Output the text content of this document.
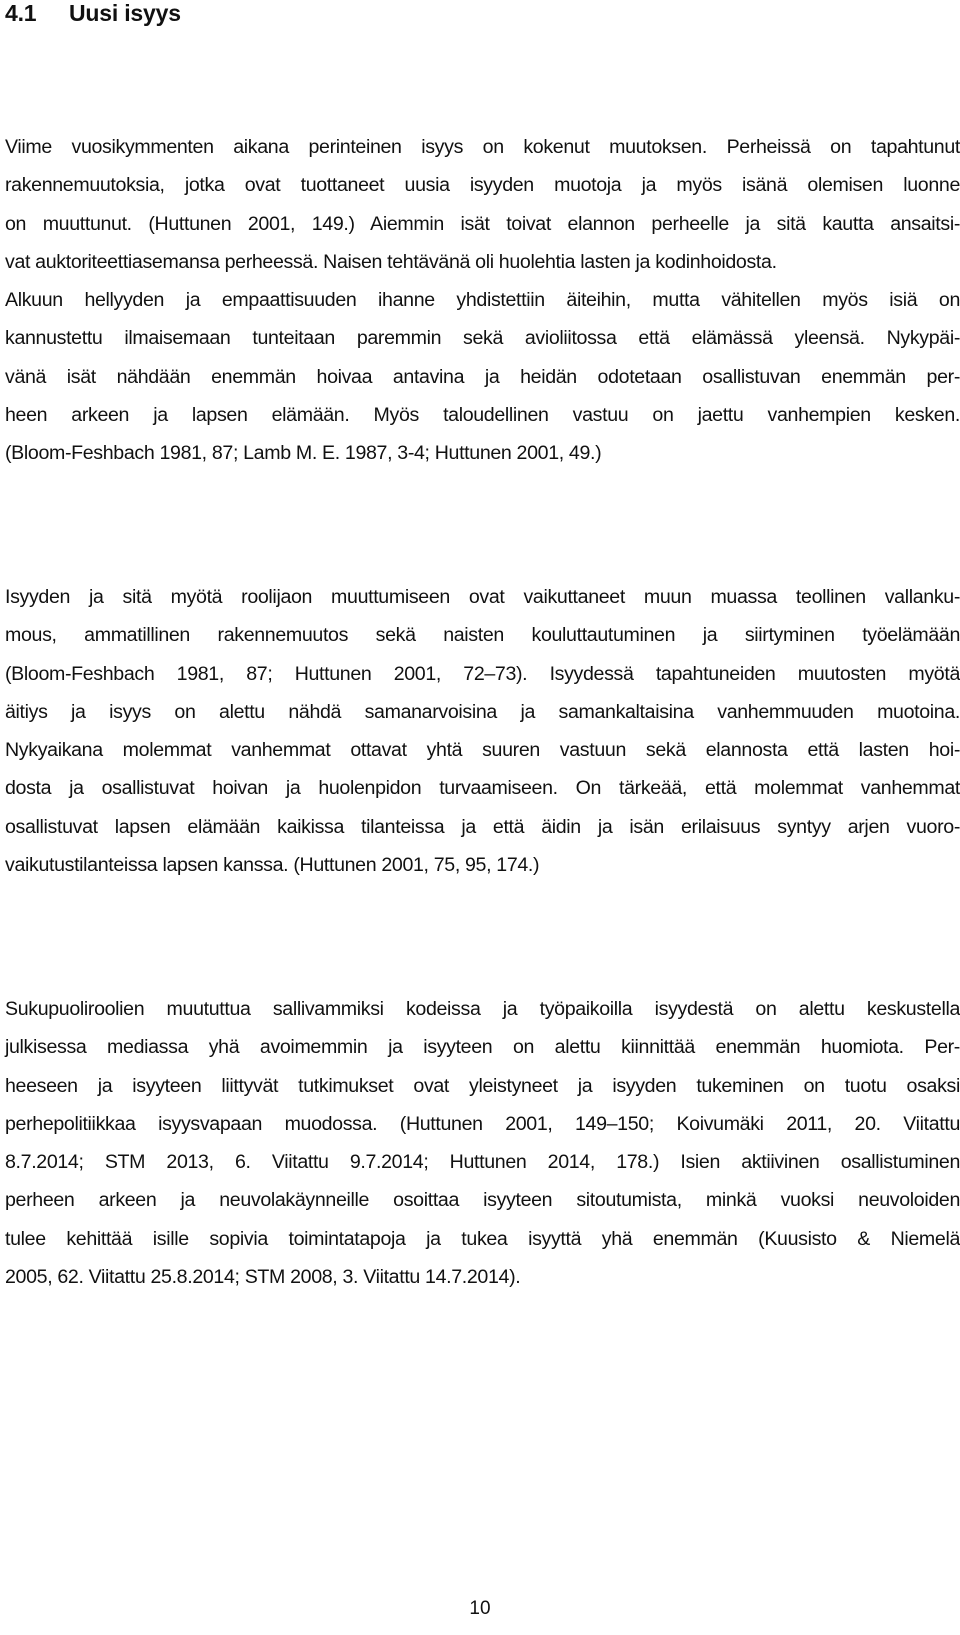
4.1 Uusi isyys
Viime vuosikymmenten aikana perinteinen isyys on kokenut muutoksen. Perheissä on tapahtunut
rakennemuutoksia, jotka ovat tuottaneet uusia isyyden muotoja ja myös isänä olemisen luonne
on muuttunut. (Huttunen 2001, 149.) Aiemmin isät toivat elannon perheelle ja sitä kautta ansaitsi-
vat auktoriteettiasemansa perheessä. Naisen tehtävänä oli huolehtia lasten ja kodinhoidosta.
Alkuun hellyyden ja empaattisuuden ihanne yhdistettiin äiteihin, mutta vähitellen myös isiä on
kannustettu ilmaisemaan tunteitaan paremmin sekä avioliitossa että elämässä yleensä. Nykypäi-
vänä isät nähdään enemmän hoivaa antavina ja heidän odotetaan osallistuvan enemmän per-
heen arkeen ja lapsen elämään. Myös taloudellinen vastuu on jaettu vanhempien kesken.
(Bloom-Feshbach 1981, 87; Lamb M. E. 1987, 3-4; Huttunen 2001, 49.)
Isyyden ja sitä myötä roolijaon muuttumiseen ovat vaikuttaneet muun muassa teollinen vallanku-
mous, ammatillinen rakennemuutos sekä naisten kouluttautuminen ja siirtyminen työelämään
(Bloom-Feshbach 1981, 87; Huttunen 2001, 72–73). Isyydessä tapahtuneiden muutosten myötä
äitiys ja isyys on alettu nähdä samanarvoisina ja samankaltaisina vanhemmuuden muotoina.
Nykyaikana molemmat vanhemmat ottavat yhtä suuren vastuun sekä elannosta että lasten hoi-
dosta ja osallistuvat hoivan ja huolenpidon turvaamiseen. On tärkeää, että molemmat vanhemmat
osallistuvat lapsen elämään kaikissa tilanteissa ja että äidin ja isän erilaisuus syntyy arjen vuoro-
vaikutustilanteissa lapsen kanssa. (Huttunen 2001, 75, 95, 174.)
Sukupuoliroolien muututtua sallivammiksi kodeissa ja työpaikoilla isyydestä on alettu keskustella
julkisessa mediassa yhä avoimemmin ja isyyteen on alettu kiinnittää enemmän huomiota. Per-
heeseen ja isyyteen liittyvät tutkimukset ovat yleistyneet ja isyyden tukeminen on tuotu osaksi
perhepolitiikkaa isyysvapaan muodossa. (Huttunen 2001, 149–150; Koivumäki 2011, 20. Viitattu
8.7.2014; STM 2013, 6. Viitattu 9.7.2014; Huttunen 2014, 178.) Isien aktiivinen osallistuminen
perheen arkeen ja neuvolakäynneille osoittaa isyyteen sitoutumista, minkä vuoksi neuvoloiden
tulee kehittää isille sopivia toimintatapoja ja tukea isyyttä yhä enemmän (Kuusisto & Niemelä
2005, 62. Viitattu 25.8.2014; STM 2008, 3. Viitattu 14.7.2014).
10
